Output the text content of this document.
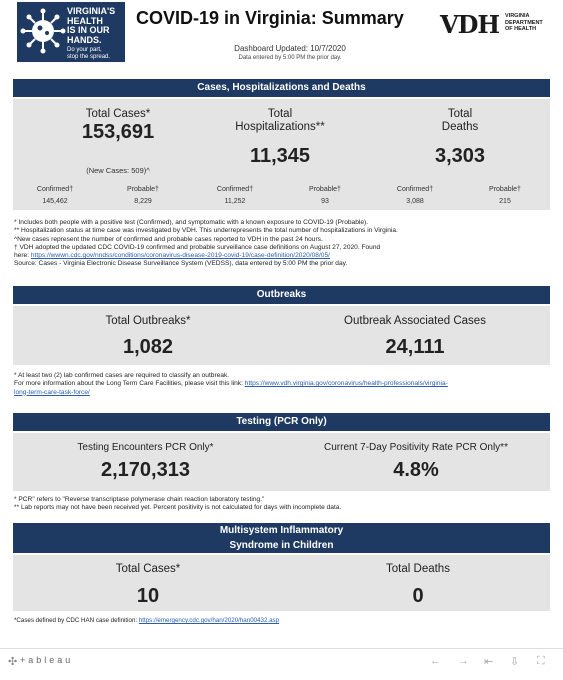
VIRGINIA'S
HEALTH
IS IN OUR
HANDS.
Do your part,
stop the spread.
COVID-19 in Virginia: Summary
Dashboard Updated: 10/7/2020
Data entered by 5:00 PM the prior day.
VDH VIRGINIA
DEPARTMENT
OF HEALTH
Cases, Hospitalizations and Deaths
Total Cases*
153,691
(New Cases: 509)^
Total
Hospitalizations**
11,345
Total
Deaths
3,303
Confirmed†
145,462
Probable†
8,229
Confirmed†
11,252
Probable†
93
Confirmed†
3,088
Probable†
215
* Includes both people with a positive test (Confirmed), and symptomatic with a known exposure to COVID-19 (Probable).
** Hospitalization status at time case was investigated by VDH. This underrepresents the total number of hospitalizations in Virginia.
^New cases represent the number of confirmed and probable cases reported to VDH in the past 24 hours.
† VDH adopted the updated CDC COVID-19 confirmed and probable surveillance case definitions on August 27, 2020. Found
here: https://wwwn.cdc.gov/nndss/conditions/coronavirus-disease-2019-covid-19/case-definition/2020/08/05/
Source: Cases - Virginia Electronic Disease Surveillance System (VEDSS), data entered by 5:00 PM the prior day.
Outbreaks
Total Outbreaks*
1,082
Outbreak Associated Cases
24,111
* At least two (2) lab confirmed cases are required to classify an outbreak.
For more information about the Long Term Care Facilities, please visit this link: https://www.vdh.virginia.gov/coronavirus/health-professionals/virginia-
long-term-care-task-force/
Testing (PCR Only)
Testing Encounters PCR Only*
2,170,313
Current 7-Day Positivity Rate PCR Only**
4.8%
* PCR" refers to "Reverse transcriptase polymerase chain reaction laboratory testing."
** Lab reports may not have been received yet. Percent positivity is not calculated for days with incomplete data.
Multisystem Inflammatory
Syndrome in Children
Total Cases*
10
Total Deaths
0
*Cases defined by CDC HAN case definition: https://emergency.cdc.gov/han/2020/han00432.asp
✣ +ableau	← → ⇤ ⇩ ⛶
